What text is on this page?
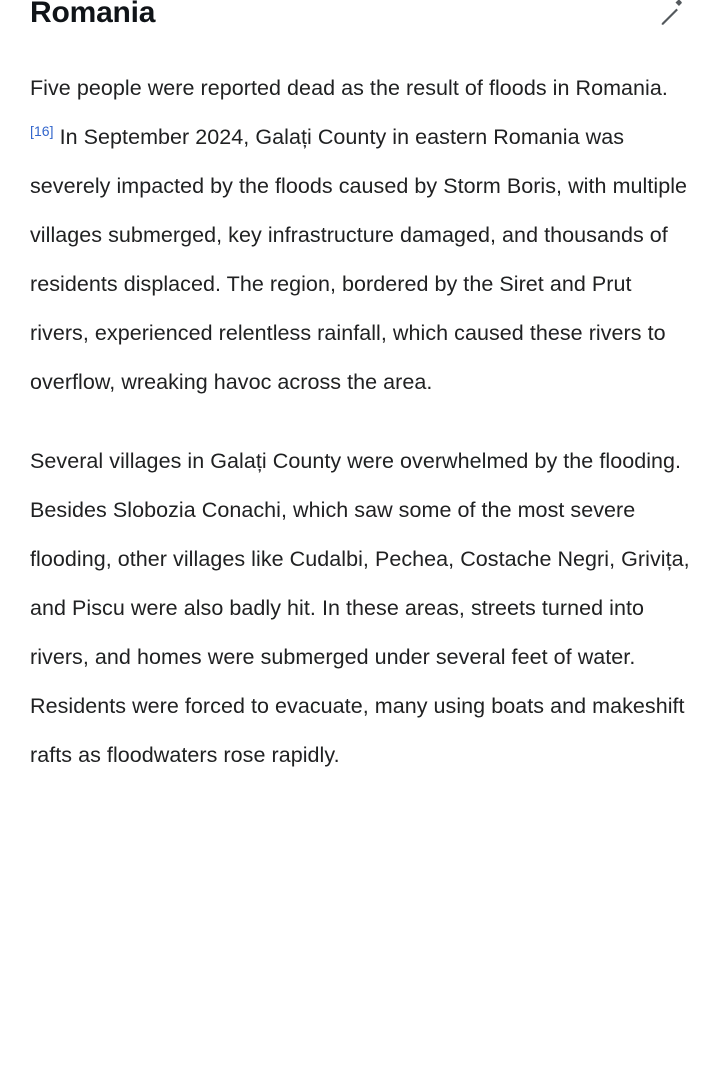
Romania

Five people were reported dead as the result of floods in Romania.[16] In September 2024, Galați County in eastern Romania was severely impacted by the floods caused by Storm Boris, with multiple villages submerged, key infrastructure damaged, and thousands of residents displaced. The region, bordered by the Siret and Prut rivers, experienced relentless rainfall, which caused these rivers to overflow, wreaking havoc across the area.

Several villages in Galați County were overwhelmed by the flooding. Besides Slobozia Conachi, which saw some of the most severe flooding, other villages like Cudalbi, Pechea, Costache Negri, Grivița, and Piscu were also badly hit. In these areas, streets turned into rivers, and homes were submerged under several feet of water. Residents were forced to evacuate, many using boats and makeshift rafts as floodwaters rose rapidly.
